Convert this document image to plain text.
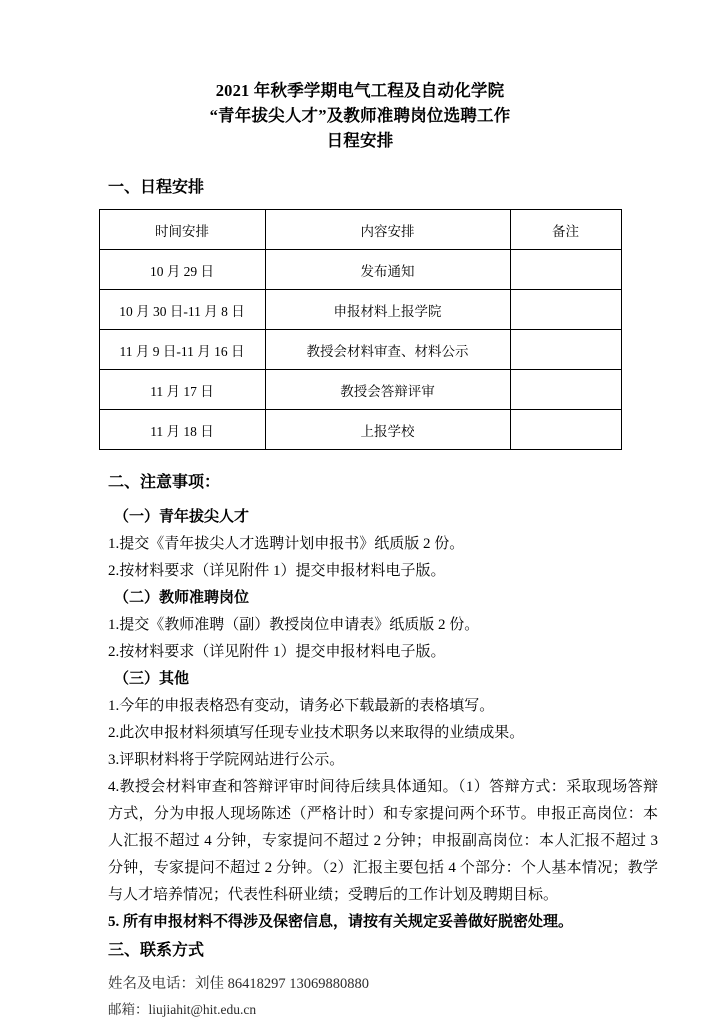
2021 年秋季学期电气工程及自动化学院
“青年拔尖人才”及教师准聘岗位选聘工作
日程安排
一、日程安排
时间安排	内容安排	备注
10 月 29 日	发布通知	
10 月 30 日-11 月 8 日	申报材料上报学院	
11 月 9 日-11 月 16 日	教授会材料审查、材料公示	
11 月 17 日	教授会答辩评审	
11 月 18 日	上报学校	
二、注意事项：
（一）青年拔尖人才

1.提交《青年拔尖人才选聘计划申报书》纸质版 2 份。

2.按材料要求（详见附件 1）提交申报材料电子版。

（二）教师准聘岗位

1.提交《教师准聘（副）教授岗位申请表》纸质版 2 份。

2.按材料要求（详见附件 1）提交申报材料电子版。

（三）其他

1.今年的申报表格恐有变动，请务必下载最新的表格填写。

2.此次申报材料须填写任现专业技术职务以来取得的业绩成果。

3.评职材料将于学院网站进行公示。

4.教授会材料审查和答辩评审时间待后续具体通知。（1）答辩方式：采取现场答辩方式，分为申报人现场陈述（严格计时）和专家提问两个环节。申报正高岗位：本人汇报不超过 4 分钟，专家提问不超过 2 分钟；申报副高岗位：本人汇报不超过 3 分钟，专家提问不超过 2 分钟。（2）汇报主要包括 4 个部分：个人基本情况；教学与人才培养情况；代表性科研业绩；受聘后的工作计划及聘期目标。

5. 所有申报材料不得涉及保密信息，请按有关规定妥善做好脱密处理。

三、联系方式

姓名及电话：刘佳 86418297 13069880880

邮箱：liujiahit@hit.edu.cn
